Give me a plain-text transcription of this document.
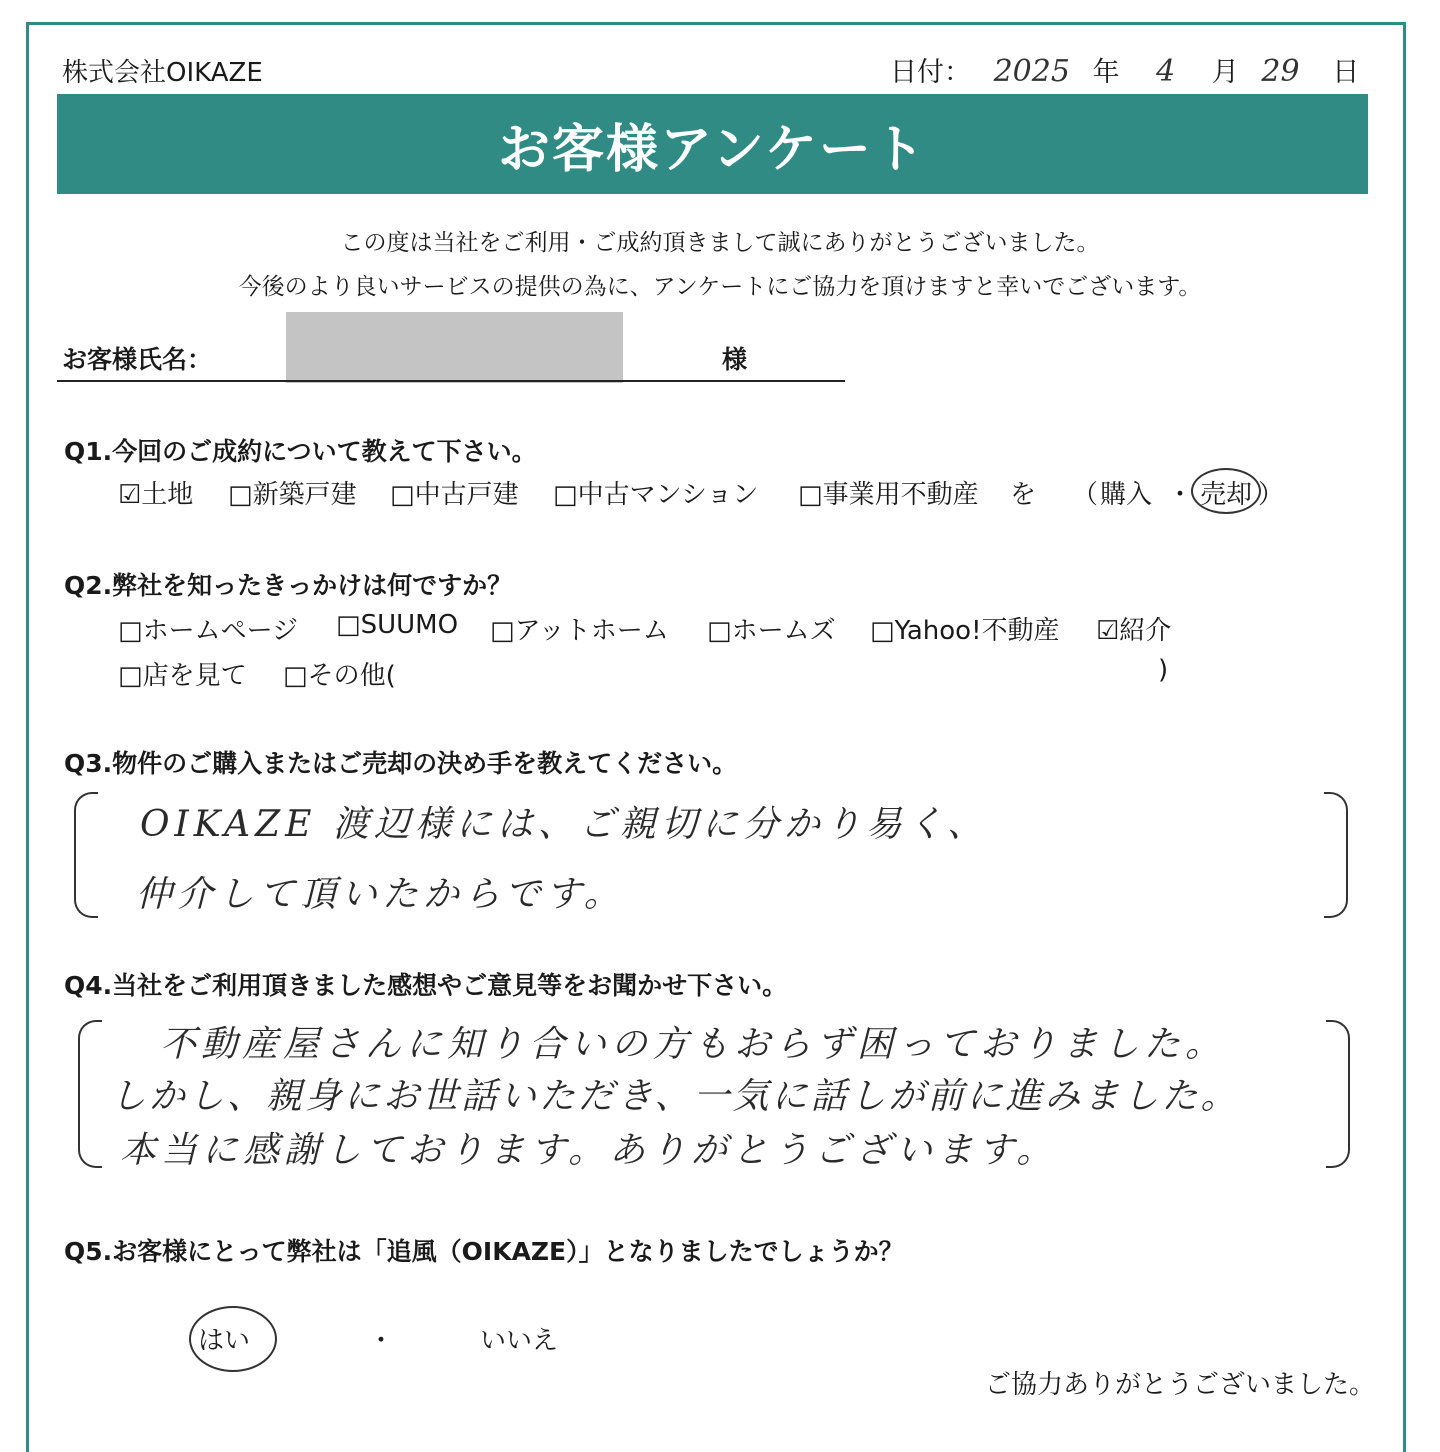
株式会社OIKAZE	日付： 2025 年 4 月 29 日
お客様アンケート
この度は当社をご利用・ご成約頂きまして誠にありがとうございました。
今後のより良いサービスの提供の為に、アンケートにご協力を頂けますと幸いでございます。
お客様氏名：	様
Q1.今回のご成約について教えて下さい。
☑土地 □新築戸建 □中古戸建 □中古マンション □事業用不動産 を （ 購入 ・ 売却 ）
Q2.弊社を知ったきっかけは何ですか？
□ホームページ □SUUMO □アットホーム □ホームズ □Yahoo!不動産 ☑紹介
□店を見て □その他(	)
Q3.物件のご購入またはご売却の決め手を教えてください。
OIKAZE 渡辺様には、ご親切に分かり易く、
仲介して頂いたからです。
Q4.当社をご利用頂きました感想やご意見等をお聞かせ下さい。
不動産屋さんに知り合いの方もおらず困っておりました。
しかし、親身にお世話いただき、一気に話しが前に進みました。
本当に感謝しております。ありがとうございます。
Q5.お客様にとって弊社は「追風（OIKAZE）」となりましたでしょうか？
はい	・	いいえ
ご協力ありがとうございました。
